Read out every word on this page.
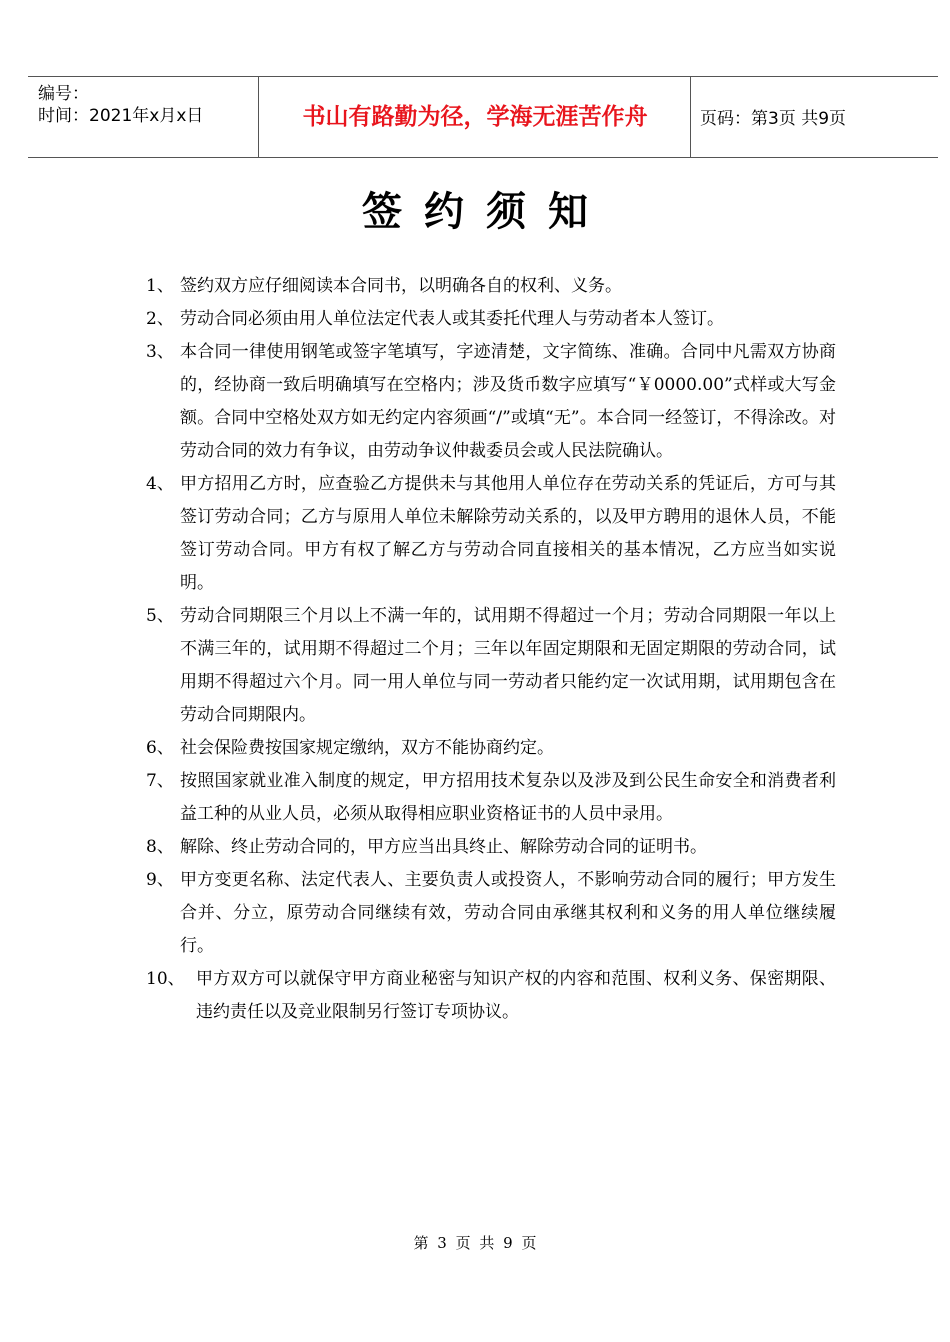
编号：
时间：2021年x月x日	书山有路勤为径，学海无涯苦作舟	页码：第3页 共9页
签约须知
1、 签约双方应仔细阅读本合同书，以明确各自的权利、义务。
2、 劳动合同必须由用人单位法定代表人或其委托代理人与劳动者本人签订。
3、 本合同一律使用钢笔或签字笔填写，字迹清楚，文字简练、准确。合同中凡需双方协商的，经协商一致后明确填写在空格内；涉及货币数字应填写“￥0000.00”式样或大写金额。合同中空格处双方如无约定内容须画“/”或填“无”。本合同一经签订，不得涂改。对劳动合同的效力有争议，由劳动争议仲裁委员会或人民法院确认。
4、 甲方招用乙方时，应查验乙方提供未与其他用人单位存在劳动关系的凭证后，方可与其签订劳动合同；乙方与原用人单位未解除劳动关系的，以及甲方聘用的退休人员，不能签订劳动合同。甲方有权了解乙方与劳动合同直接相关的基本情况，乙方应当如实说明。
5、 劳动合同期限三个月以上不满一年的，试用期不得超过一个月；劳动合同期限一年以上不满三年的，试用期不得超过二个月；三年以年固定期限和无固定期限的劳动合同，试用期不得超过六个月。同一用人单位与同一劳动者只能约定一次试用期，试用期包含在劳动合同期限内。
6、 社会保险费按国家规定缴纳，双方不能协商约定。
7、 按照国家就业准入制度的规定，甲方招用技术复杂以及涉及到公民生命安全和消费者利益工种的从业人员，必须从取得相应职业资格证书的人员中录用。
8、 解除、终止劳动合同的，甲方应当出具终止、解除劳动合同的证明书。
9、 甲方变更名称、法定代表人、主要负责人或投资人，不影响劳动合同的履行；甲方发生合并、分立，原劳动合同继续有效，劳动合同由承继其权利和义务的用人单位继续履行。
10、 甲方双方可以就保守甲方商业秘密与知识产权的内容和范围、权利义务、保密期限、违约责任以及竞业限制另行签订专项协议。
第 3 页 共 9 页
